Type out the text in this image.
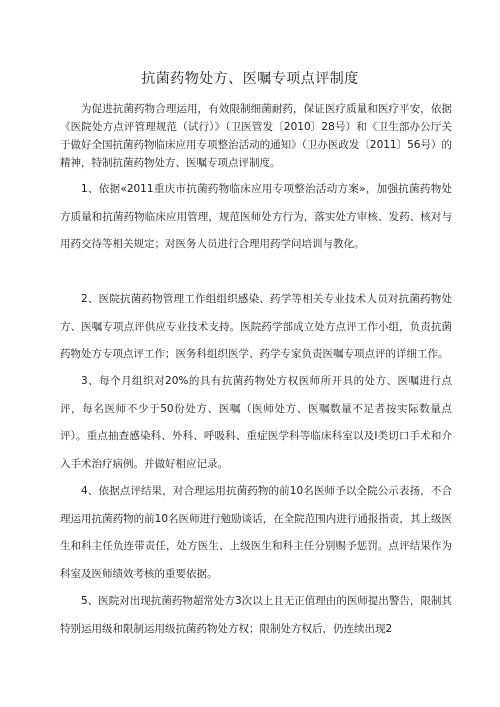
抗菌药物处方、医嘱专项点评制度
为促进抗菌药物合理运用，有效限制细菌耐药，保证医疗质量和医疗平安，依据《医院处方点评管理规范（试行）》（卫医管发〔2010〕28号）和《卫生部办公厅关于做好全国抗菌药物临床应用专项整治活动的通知》（卫办医政发〔2011〕56号）的精神，特制抗菌药物处方、医嘱专项点评制度。
1、依据«2011重庆市抗菌药物临床应用专项整治活动方案»，加强抗菌药物处方质量和抗菌药物临床应用管理，规范医师处方行为，落实处方审核、发药、核对与用药交待等相关规定；对医务人员进行合理用药学问培训与教化。
2、医院抗菌药物管理工作组组织感染、药学等相关专业技术人员对抗菌药物处方、医嘱专项点评供应专业技术支持。医院药学部成立处方点评工作小组，负责抗菌药物处方专项点评工作；医务科组织医学、药学专家负责医嘱专项点评的详细工作。
3、每个月组织对20%的具有抗菌药物处方权医师所开具的处方、医嘱进行点评，每名医师不少于50份处方、医嘱（医师处方、医嘱数量不足者按实际数量点评）。重点抽查感染科、外科、呼吸科、重症医学科等临床科室以及I类切口手术和介入手术治疗病例。并做好相应记录。
4、依据点评结果，对合理运用抗菌药物的前10名医师予以全院公示表扬，不合理运用抗菌药物的前10名医师进行勉励谈话，在全院范围内进行通报指责，其上级医生和科主任负连带责任，处方医生、上级医生和科主任分别赐予惩罚。点评结果作为科室及医师绩效考核的重要依据。
5、医院对出现抗菌药物超常处方3次以上且无正值理由的医师提出警告，限制其特别运用级和限制运用级抗菌药物处方权；限制处方权后，仍连续出现2
